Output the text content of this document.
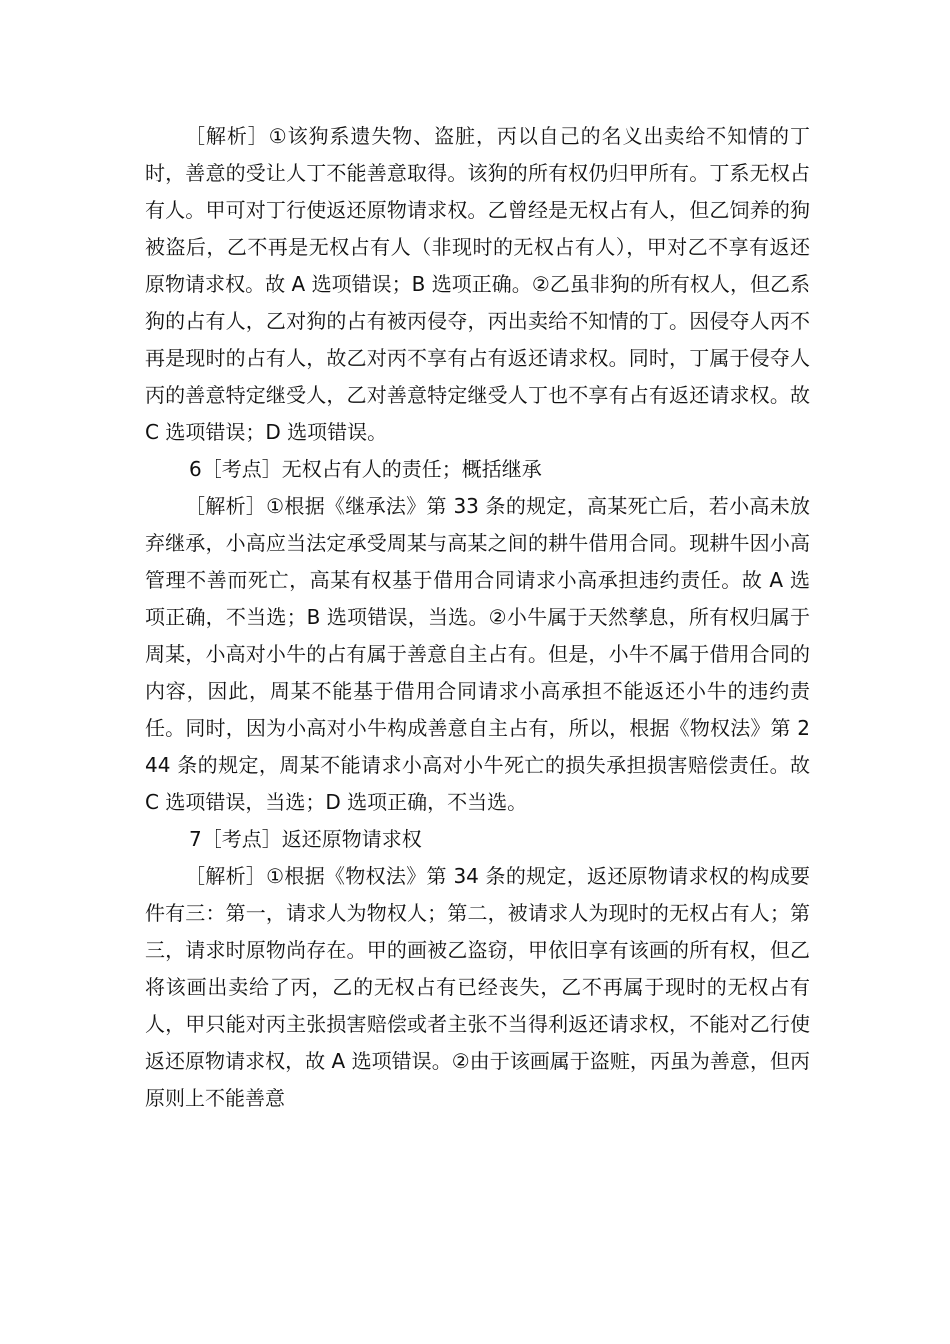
［解析］①该狗系遗失物、盗脏，丙以自己的名义出卖给不知情的丁时，善意的受让人丁不能善意取得。该狗的所有权仍归甲所有。丁系无权占有人。甲可对丁行使返还原物请求权。乙曾经是无权占有人，但乙饲养的狗被盗后，乙不再是无权占有人（非现时的无权占有人），甲对乙不享有返还原物请求权。故 A 选项错误；B 选项正确。②乙虽非狗的所有权人，但乙系狗的占有人，乙对狗的占有被丙侵夺，丙出卖给不知情的丁。因侵夺人丙不再是现时的占有人，故乙对丙不享有占有返还请求权。同时，丁属于侵夺人丙的善意特定继受人，乙对善意特定继受人丁也不享有占有返还请求权。故 C 选项错误；D 选项错误。

6［考点］无权占有人的责任；概括继承

［解析］①根据《继承法》第 33 条的规定，高某死亡后，若小高未放弃继承，小高应当法定承受周某与高某之间的耕牛借用合同。现耕牛因小高管理不善而死亡，高某有权基于借用合同请求小高承担违约责任。故 A 选项正确，不当选；B 选项错误，当选。②小牛属于天然孳息，所有权归属于周某，小高对小牛的占有属于善意自主占有。但是，小牛不属于借用合同的内容，因此，周某不能基于借用合同请求小高承担不能返还小牛的违约责任。同时，因为小高对小牛构成善意自主占有，所以，根据《物权法》第 244 条的规定，周某不能请求小高对小牛死亡的损失承担损害赔偿责任。故 C 选项错误，当选；D 选项正确，不当选。

7［考点］返还原物请求权

［解析］①根据《物权法》第 34 条的规定，返还原物请求权的构成要件有三：第一，请求人为物权人；第二，被请求人为现时的无权占有人；第三，请求时原物尚存在。甲的画被乙盗窃，甲依旧享有该画的所有权，但乙将该画出卖给了丙，乙的无权占有已经丧失，乙不再属于现时的无权占有人，甲只能对丙主张损害赔偿或者主张不当得利返还请求权，不能对乙行使返还原物请求权，故 A 选项错误。②由于该画属于盗赃，丙虽为善意，但丙原则上不能善意
